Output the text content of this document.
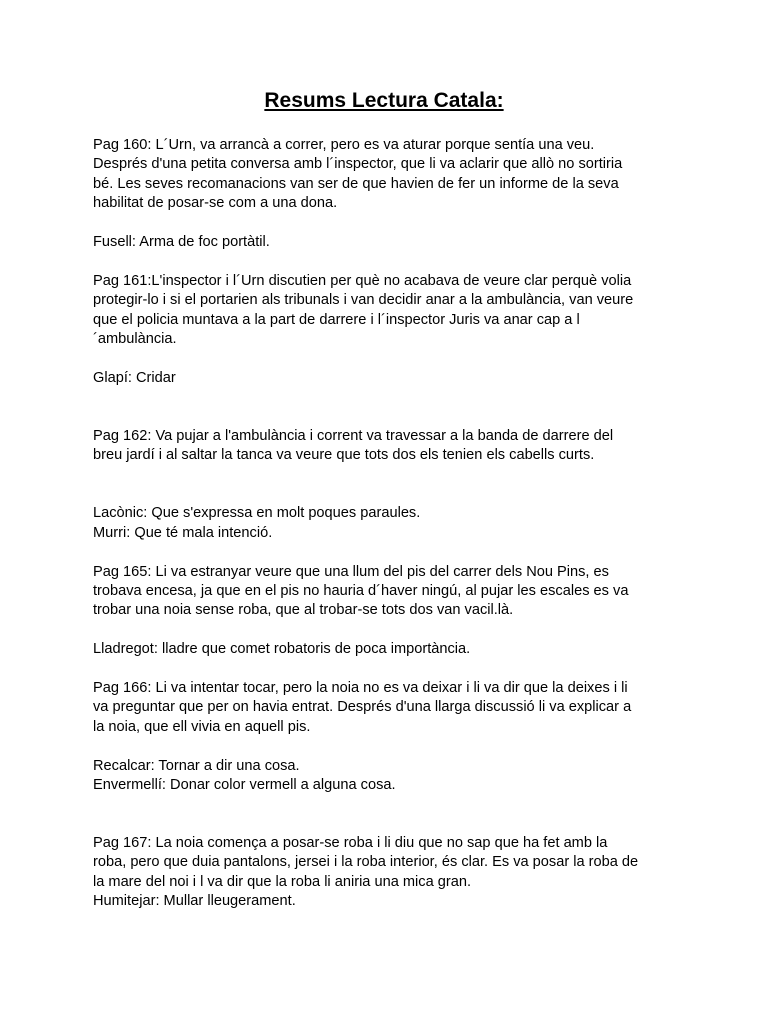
Resums Lectura Catala:
Pag 160: L´Urn, va arrancà a correr, pero es va aturar porque sentía una veu.
Després d'una petita conversa amb l´inspector, que li va aclarir que allò no sortiria
bé. Les seves recomanacions van ser de que havien de fer un informe de la seva
habilitat de posar-se com a una dona.
Fusell: Arma de foc portàtil.
Pag 161:L'inspector i l´Urn discutien per què no acabava de veure clar perquè volia
protegir-lo i si el portarien als tribunals i van decidir anar a la ambulància, van veure
que el policia muntava a la part de darrere i l´inspector Juris va anar cap a l
´ambulància.
Glapí: Cridar
Pag 162: Va pujar a l'ambulància i corrent va travessar a la banda de darrere del
breu jardí i al saltar la tanca va veure que tots dos els tenien els cabells curts.
Lacònic: Que s'expressa en molt poques paraules.
Murri: Que té mala intenció.
Pag 165: Li va estranyar veure que una llum del pis del carrer dels Nou Pins, es
trobava encesa, ja que en el pis no hauria d´haver ningú, al pujar les escales es va
trobar una noia sense roba, que al trobar-se tots dos van vacil.là.
Lladregot: lladre que comet robatoris de poca importància.
Pag 166: Li va intentar tocar, pero la noia no es va deixar i li va dir que la deixes i li
va preguntar que per on havia entrat. Després d'una llarga discussió li va explicar a
la noia, que ell vivia en aquell pis.
Recalcar: Tornar a dir una cosa.
Envermellí: Donar color vermell a alguna cosa.
Pag 167: La noia comença a posar-se roba i li diu que no sap que ha fet amb la
roba, pero que duia pantalons, jersei i la roba interior, és clar. Es va posar la roba de
la mare del noi i l va dir que la roba li aniria una mica gran.
Humitejar: Mullar lleugerament.
